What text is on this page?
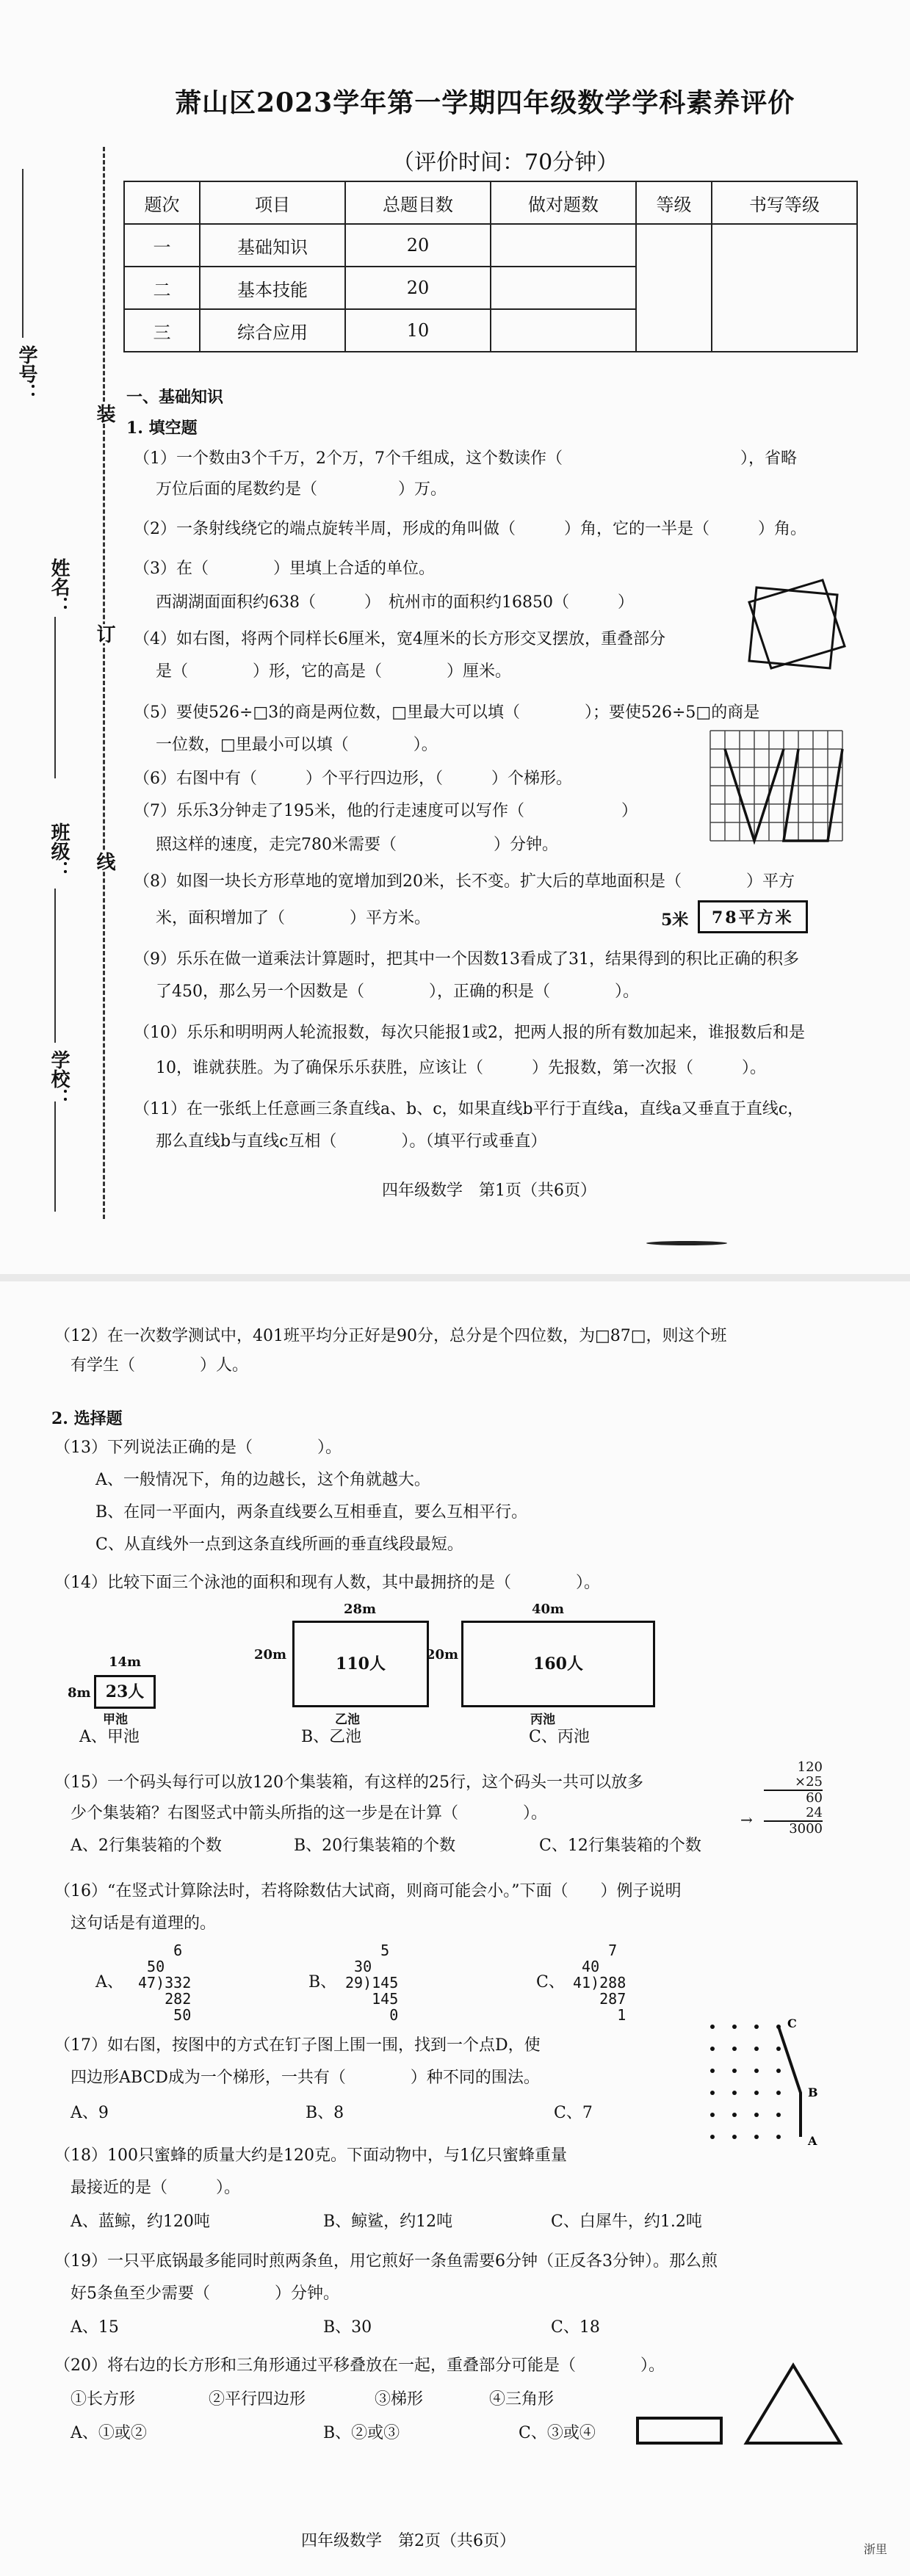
萧山区2023学年第一学期四年级数学学科素养评价
（评价时间：70分钟）
题次	项目	总题目数	做对题数	等级	书写等级
一	基础知识	20			
二	基本技能	20			
三	综合应用	10			
学号：
姓名：
班级：
学校：
装
订
线
一、基础知识
1. 填空题
（1）一个数由3个千万，2个万，7个千组成，这个数读作（　　　　　　　　　　　），省略
万位后面的尾数约是（　　　　　）万。
（2）一条射线绕它的端点旋转半周，形成的角叫做（　　　）角，它的一半是（　　　）角。
（3）在（　　　　）里填上合适的单位。
西湖湖面面积约638（　　　）　杭州市的面积约16850（　　　）
（4）如右图，将两个同样长6厘米，宽4厘米的长方形交叉摆放，重叠部分
是（　　　　）形，它的高是（　　　　）厘米。
（5）要使526÷□3的商是两位数，□里最大可以填（　　　　）；要使526÷5□的商是
一位数，□里最小可以填（　　　　）。
（6）右图中有（　　　）个平行四边形，（　　　）个梯形。
（7）乐乐3分钟走了195米，他的行走速度可以写作（　　　　　　）
照这样的速度，走完780米需要（　　　　　　）分钟。
（8）如图一块长方形草地的宽增加到20米，长不变。扩大后的草地面积是（　　　　）平方
米，面积增加了（　　　　）平方米。	5米	78平方米
（9）乐乐在做一道乘法计算题时，把其中一个因数13看成了31，结果得到的积比正确的积多
了450，那么另一个因数是（　　　　），正确的积是（　　　　）。
（10）乐乐和明明两人轮流报数，每次只能报1或2，把两人报的所有数加起来，谁报数后和是
10，谁就获胜。为了确保乐乐获胜，应该让（　　　）先报数，第一次报（　　　）。
（11）在一张纸上任意画三条直线a、b、c，如果直线b平行于直线a，直线a又垂直于直线c，
那么直线b与直线c互相（　　　　）。（填平行或垂直）
四年级数学　第1页（共6页）
（12）在一次数学测试中，401班平均分正好是90分，总分是个四位数，为□87□，则这个班
有学生（　　　　）人。
2. 选择题
（13）下列说法正确的是（　　　　）。
A、一般情况下，角的边越长，这个角就越大。
B、在同一平面内，两条直线要么互相垂直，要么互相平行。
C、从直线外一点到这条直线所画的垂直线段最短。
（14）比较下面三个泳池的面积和现有人数，其中最拥挤的是（　　　　）。
14m
8m 23人
甲池
A、甲池
28m
20m	110人
乙池
B、乙池
40m
20m	160人
丙池
C、丙池
（15）一个码头每行可以放120个集装箱，有这样的25行，这个码头一共可以放多
少个集装箱？右图竖式中箭头所指的这一步是在计算（　　　　）。
A、2行集装箱的个数	B、20行集装箱的个数	C、12行集装箱的个数
120
×25
60
24
3000
→
（16）“在竖式计算除法时，若将除数估大试商，则商可能会小。”下面（　　）例子说明
这句话是有道理的。
A、
6
50
47)332
282
50
B、
5
30
29)145
145
0
C、
7
40
41)288
287
1
（17）如右图，按图中的方式在钉子图上围一围，找到一个点D，使
四边形ABCD成为一个梯形，一共有（　　　　）种不同的围法。
A、9	B、8	C、7
C
B
A
（18）100只蜜蜂的质量大约是120克。下面动物中，与1亿只蜜蜂重量
最接近的是（　　　）。
A、蓝鲸，约120吨	B、鲸鲨，约12吨	C、白犀牛，约1.2吨
（19）一只平底锅最多能同时煎两条鱼，用它煎好一条鱼需要6分钟（正反各3分钟）。那么煎
好5条鱼至少需要（　　　　）分钟。
A、15	B、30	C、18
（20）将右边的长方形和三角形通过平移叠放在一起，重叠部分可能是（　　　　）。
①长方形	②平行四边形	③梯形	④三角形
A、①或②	B、②或③	C、③或④
四年级数学　第2页（共6页）	浙里
